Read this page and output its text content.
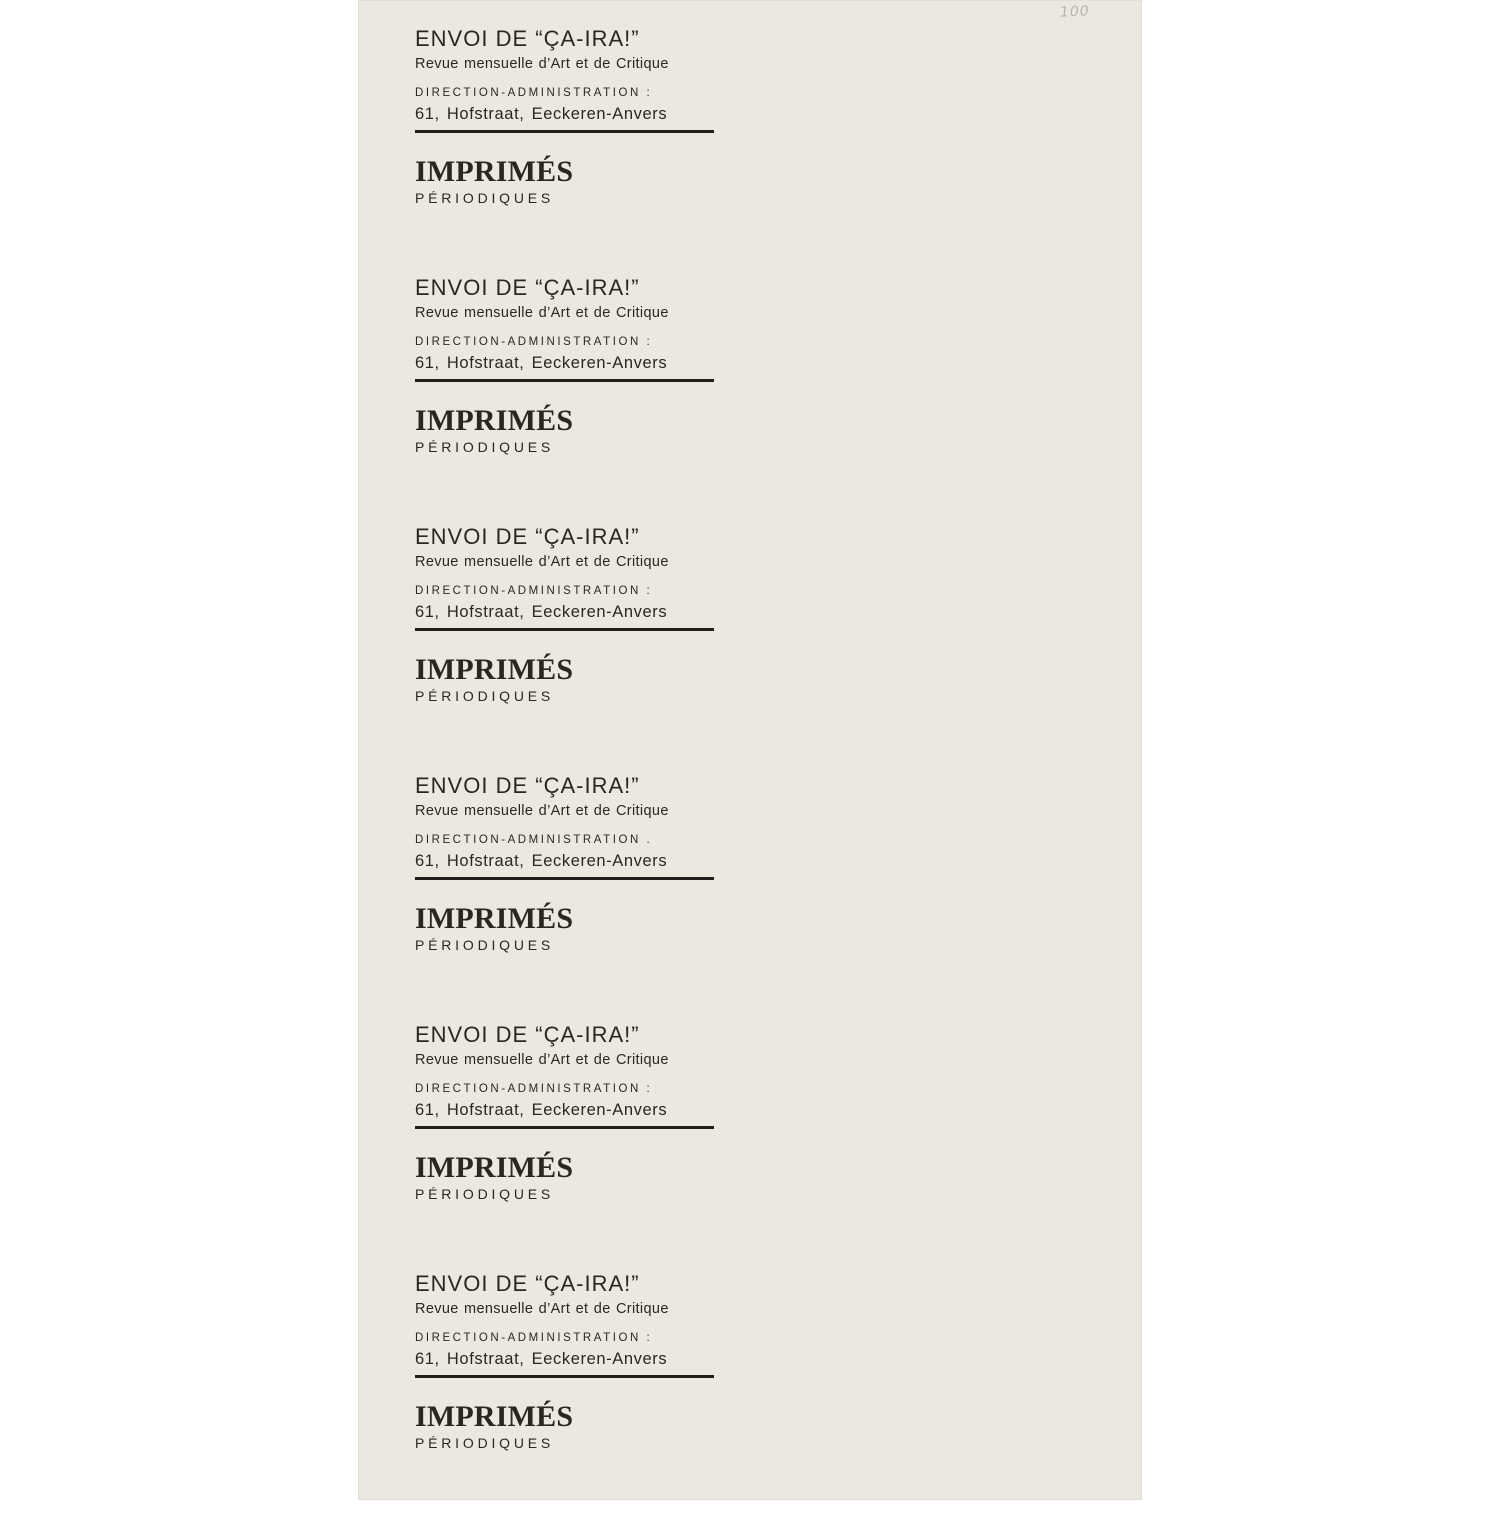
100
ENVOI DE “ÇA-IRA!”
Revue mensuelle d’Art et de Critique
DIRECTION-ADMINISTRATION :
61, Hofstraat, Eeckeren-Anvers
IMPRIMÉS
PÉRIODIQUES
ENVOI DE “ÇA-IRA!”
Revue mensuelle d’Art et de Critique
DIRECTION-ADMINISTRATION :
61, Hofstraat, Eeckeren-Anvers
IMPRIMÉS
PÉRIODIQUES
ENVOI DE “ÇA-IRA!”
Revue mensuelle d’Art et de Critique
DIRECTION-ADMINISTRATION :
61, Hofstraat, Eeckeren-Anvers
IMPRIMÉS
PÉRIODIQUES
ENVOI DE “ÇA-IRA!”
Revue mensuelle d’Art et de Critique
DIRECTION-ADMINISTRATION .
61, Hofstraat, Eeckeren-Anvers
IMPRIMÉS
PÉRIODIQUES
ENVOI DE “ÇA-IRA!”
Revue mensuelle d’Art et de Critique
DIRECTION-ADMINISTRATION :
61, Hofstraat, Eeckeren-Anvers
IMPRIMÉS
PÉRIODIQUES
ENVOI DE “ÇA-IRA!”
Revue mensuelle d’Art et de Critique
DIRECTION-ADMINISTRATION :
61, Hofstraat, Eeckeren-Anvers
IMPRIMÉS
PÉRIODIQUES
